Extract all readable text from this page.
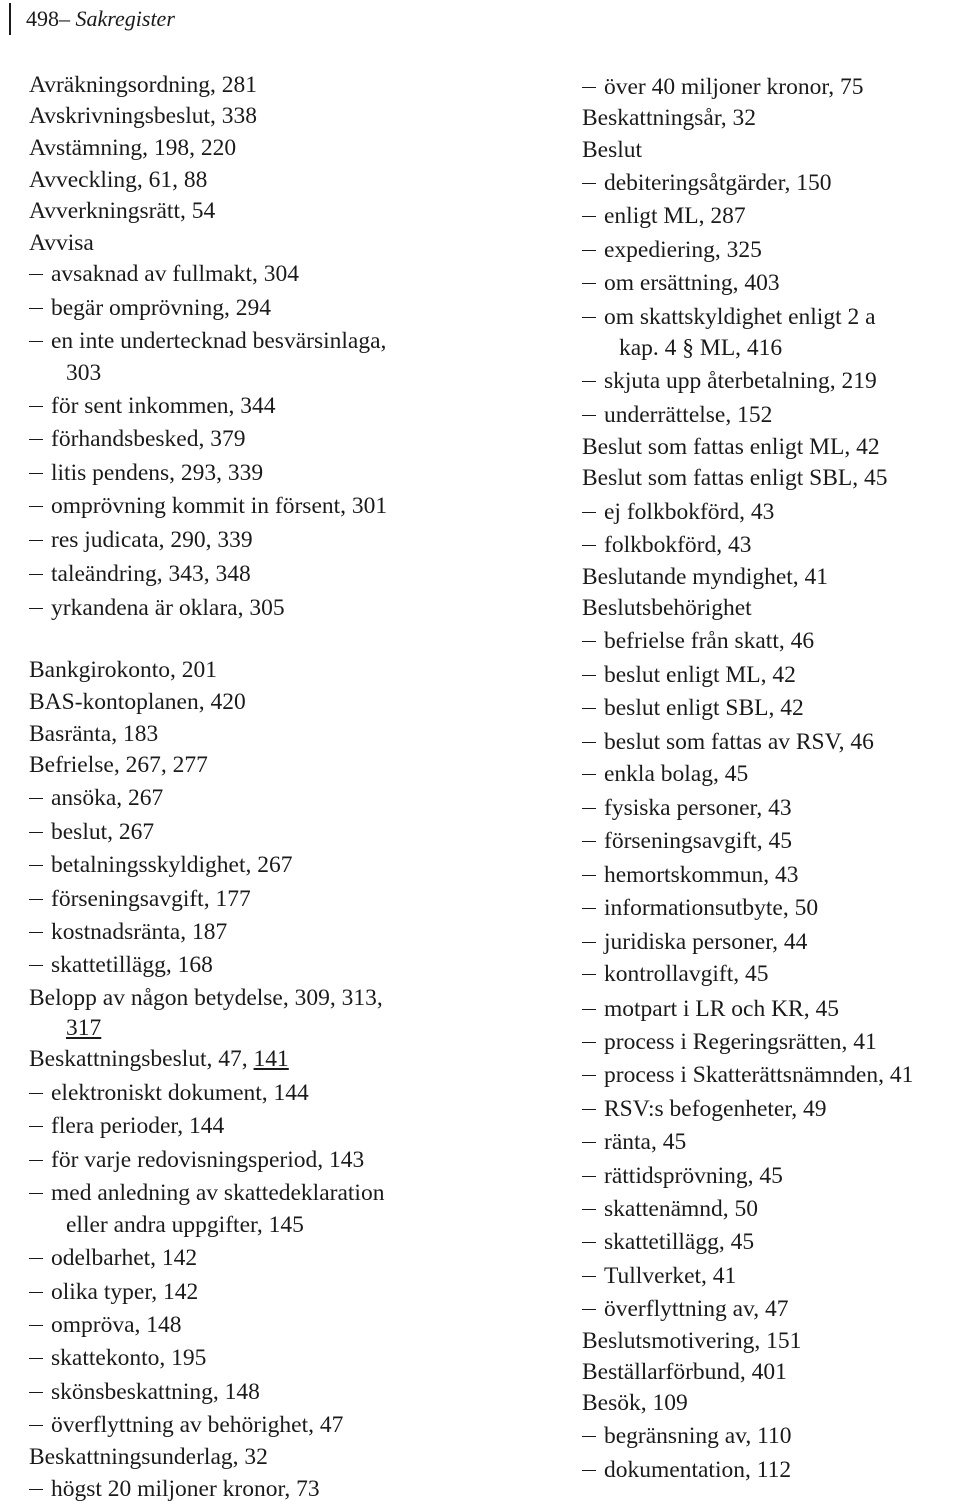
498– Sakregister
Avräkningsordning, 281
Avskrivningsbeslut, 338
Avstämning, 198, 220
Avveckling, 61, 88
Avverkningsrätt, 54
Avvisa
avsaknad av fullmakt, 304
begär omprövning, 294
en inte undertecknad besvärsinlaga,
303
för sent inkommen, 344
förhandsbesked, 379
litis pendens, 293, 339
omprövning kommit in försent, 301
res judicata, 290, 339
taleändring, 343, 348
yrkandena är oklara, 305
Bankgirokonto, 201
BAS-kontoplanen, 420
Basränta, 183
Befrielse, 267, 277
ansöka, 267
beslut, 267
betalningsskyldighet, 267
förseningsavgift, 177
kostnadsränta, 187
skattetillägg, 168
Belopp av någon betydelse, 309, 313,
317
Beskattningsbeslut, 47, 141
elektroniskt dokument, 144
flera perioder, 144
för varje redovisningsperiod, 143
med anledning av skattedeklaration
eller andra uppgifter, 145
odelbarhet, 142
olika typer, 142
ompröva, 148
skattekonto, 195
skönsbeskattning, 148
överflyttning av behörighet, 47
Beskattningsunderlag, 32
högst 20 miljoner kronor, 73
över 40 miljoner kronor, 75
Beskattningsår, 32
Beslut
debiteringsåtgärder, 150
enligt ML, 287
expediering, 325
om ersättning, 403
om skattskyldighet enligt 2 a
kap. 4 § ML, 416
skjuta upp återbetalning, 219
underrättelse, 152
Beslut som fattas enligt ML, 42
Beslut som fattas enligt SBL, 45
ej folkbokförd, 43
folkbokförd, 43
Beslutande myndighet, 41
Beslutsbehörighet
befrielse från skatt, 46
beslut enligt ML, 42
beslut enligt SBL, 42
beslut som fattas av RSV, 46
enkla bolag, 45
fysiska personer, 43
förseningsavgift, 45
hemortskommun, 43
informationsutbyte, 50
juridiska personer, 44
kontrollavgift, 45
motpart i LR och KR, 45
process i Regeringsrätten, 41
process i Skatterättsnämnden, 41
RSV:s befogenheter, 49
ränta, 45
rättidsprövning, 45
skattenämnd, 50
skattetillägg, 45
Tullverket, 41
överflyttning av, 47
Beslutsmotivering, 151
Beställarförbund, 401
Besök, 109
begränsning av, 110
dokumentation, 112
